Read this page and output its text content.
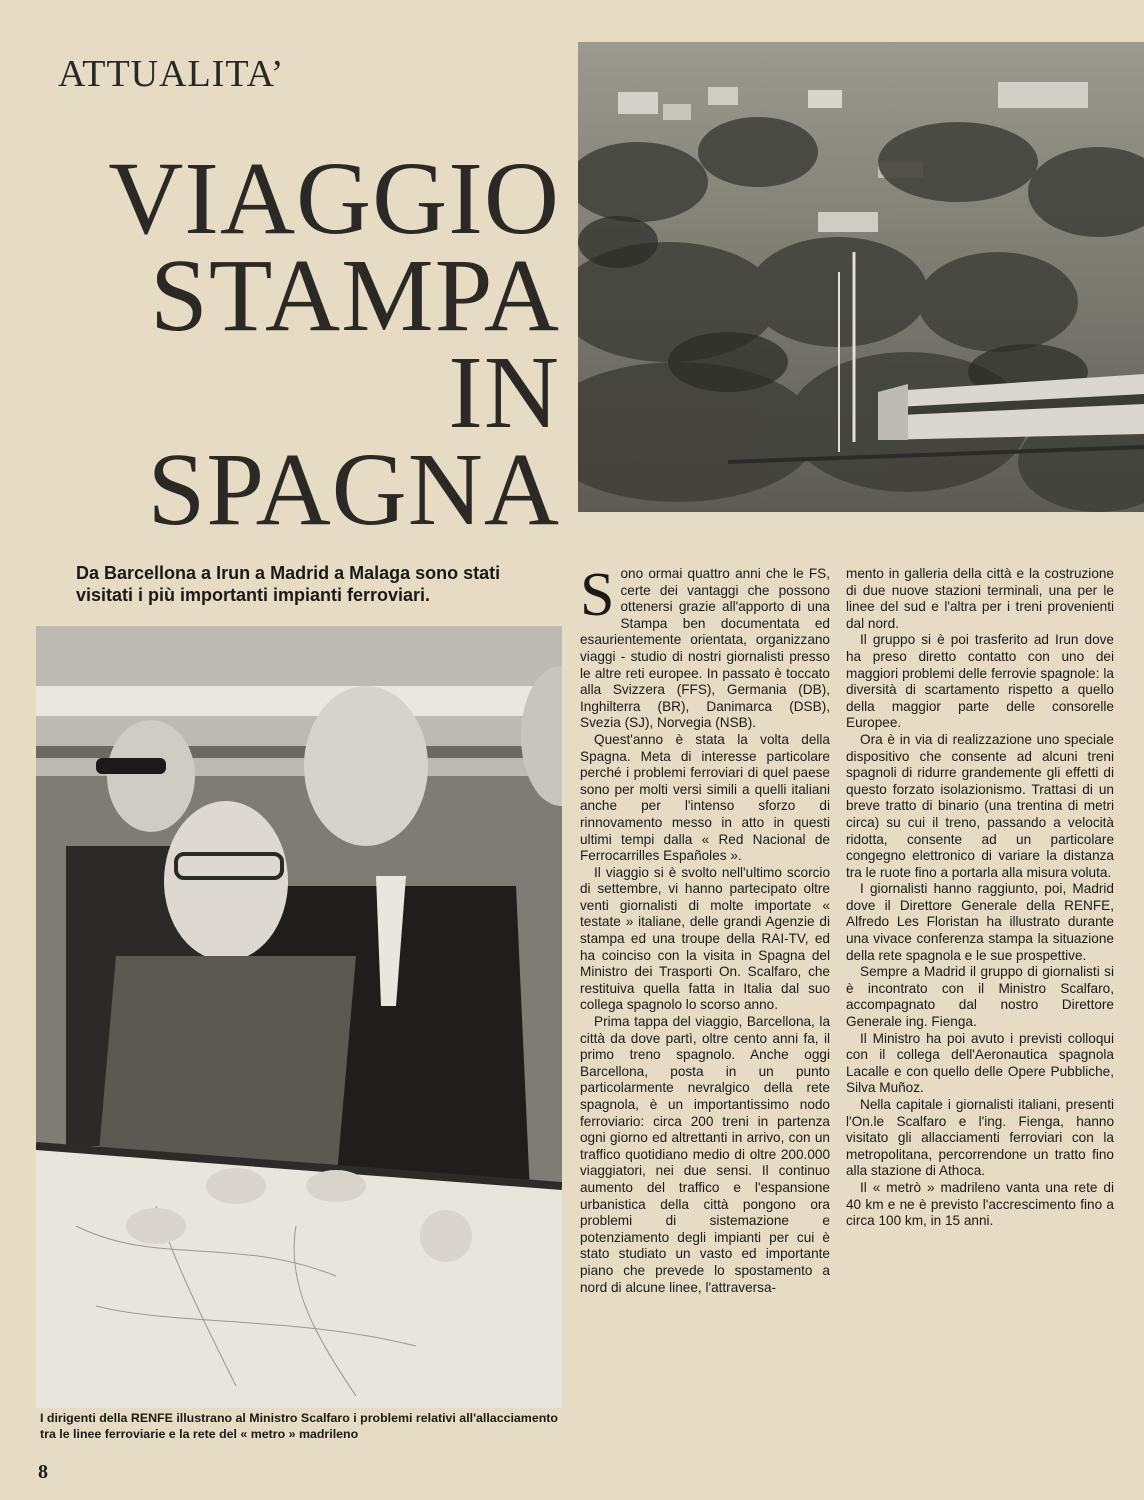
ATTUALITA’
VIAGGIO
STAMPA
IN
SPAGNA

Da Barcellona a Irun a Madrid a Malaga sono stati visitati i più importanti impianti ferroviari.

I dirigenti della RENFE illustrano al Ministro Scalfaro i problemi relativi all'allacciamento tra le linee ferroviarie e la rete del « metro » madrileno

8

Sono ormai quattro anni che le FS, certe dei vantaggi che possono ottenersi grazie all'apporto di una Stampa ben documentata ed esaurientemente orientata, organizzano viaggi - studio di nostri giornalisti presso le altre reti europee. In passato è toccato alla Svizzera (FFS), Germania (DB), Inghilterra (BR), Danimarca (DSB), Svezia (SJ), Norvegia (NSB).

Quest'anno è stata la volta della Spagna. Meta di interesse particolare perché i problemi ferroviari di quel paese sono per molti versi simili a quelli italiani anche per l'intenso sforzo di rinnovamento messo in atto in questi ultimi tempi dalla « Red Nacional de Ferrocarrilles Españoles ».

Il viaggio si è svolto nell'ultimo scorcio di settembre, vi hanno partecipato oltre venti giornalisti di molte importate « testate » italiane, delle grandi Agenzie di stampa ed una troupe della RAI-TV, ed ha coinciso con la visita in Spagna del Ministro dei Trasporti On. Scalfaro, che restituiva quella fatta in Italia dal suo collega spagnolo lo scorso anno.

Prima tappa del viaggio, Barcellona, la città da dove partì, oltre cento anni fa, il primo treno spagnolo. Anche oggi Barcellona, posta in un punto particolarmente nevralgico della rete spagnola, è un importantissimo nodo ferroviario: circa 200 treni in partenza ogni giorno ed altrettanti in arrivo, con un traffico quotidiano medio di oltre 200.000 viaggiatori, nei due sensi. Il continuo aumento del traffico e l'espansione urbanistica della città pongono ora problemi di sistemazione e potenziamento degli impianti per cui è stato studiato un vasto ed importante piano che prevede lo spostamento a nord di alcune linee, l'attraversa-

mento in galleria della città e la costruzione di due nuove stazioni terminali, una per le linee del sud e l'altra per i treni provenienti dal nord.

Il gruppo si è poi trasferito ad Irun dove ha preso diretto contatto con uno dei maggiori problemi delle ferrovie spagnole: la diversità di scartamento rispetto a quello della maggior parte delle consorelle Europee.

Ora è in via di realizzazione uno speciale dispositivo che consente ad alcuni treni spagnoli di ridurre grandemente gli effetti di questo forzato isolazionismo. Trattasi di un breve tratto di binario (una trentina di metri circa) su cui il treno, passando a velocità ridotta, consente ad un particolare congegno elettronico di variare la distanza tra le ruote fino a portarla alla misura voluta.

I giornalisti hanno raggiunto, poi, Madrid dove il Direttore Generale della RENFE, Alfredo Les Floristan ha illustrato durante una vivace conferenza stampa la situazione della rete spagnola e le sue prospettive.

Sempre a Madrid il gruppo di giornalisti si è incontrato con il Ministro Scalfaro, accompagnato dal nostro Direttore Generale ing. Fienga.

Il Ministro ha poi avuto i previsti colloqui con il collega dell'Aeronautica spagnola Lacalle e con quello delle Opere Pubbliche, Silva Muñoz.

Nella capitale i giornalisti italiani, presenti l'On.le Scalfaro e l'ing. Fienga, hanno visitato gli allacciamenti ferroviari con la metropolitana, percorrendone un tratto fino alla stazione di Athoca.

Il « metrò » madrileno vanta una rete di 40 km e ne è previsto l'accrescimento fino a circa 100 km, in 15 anni.
